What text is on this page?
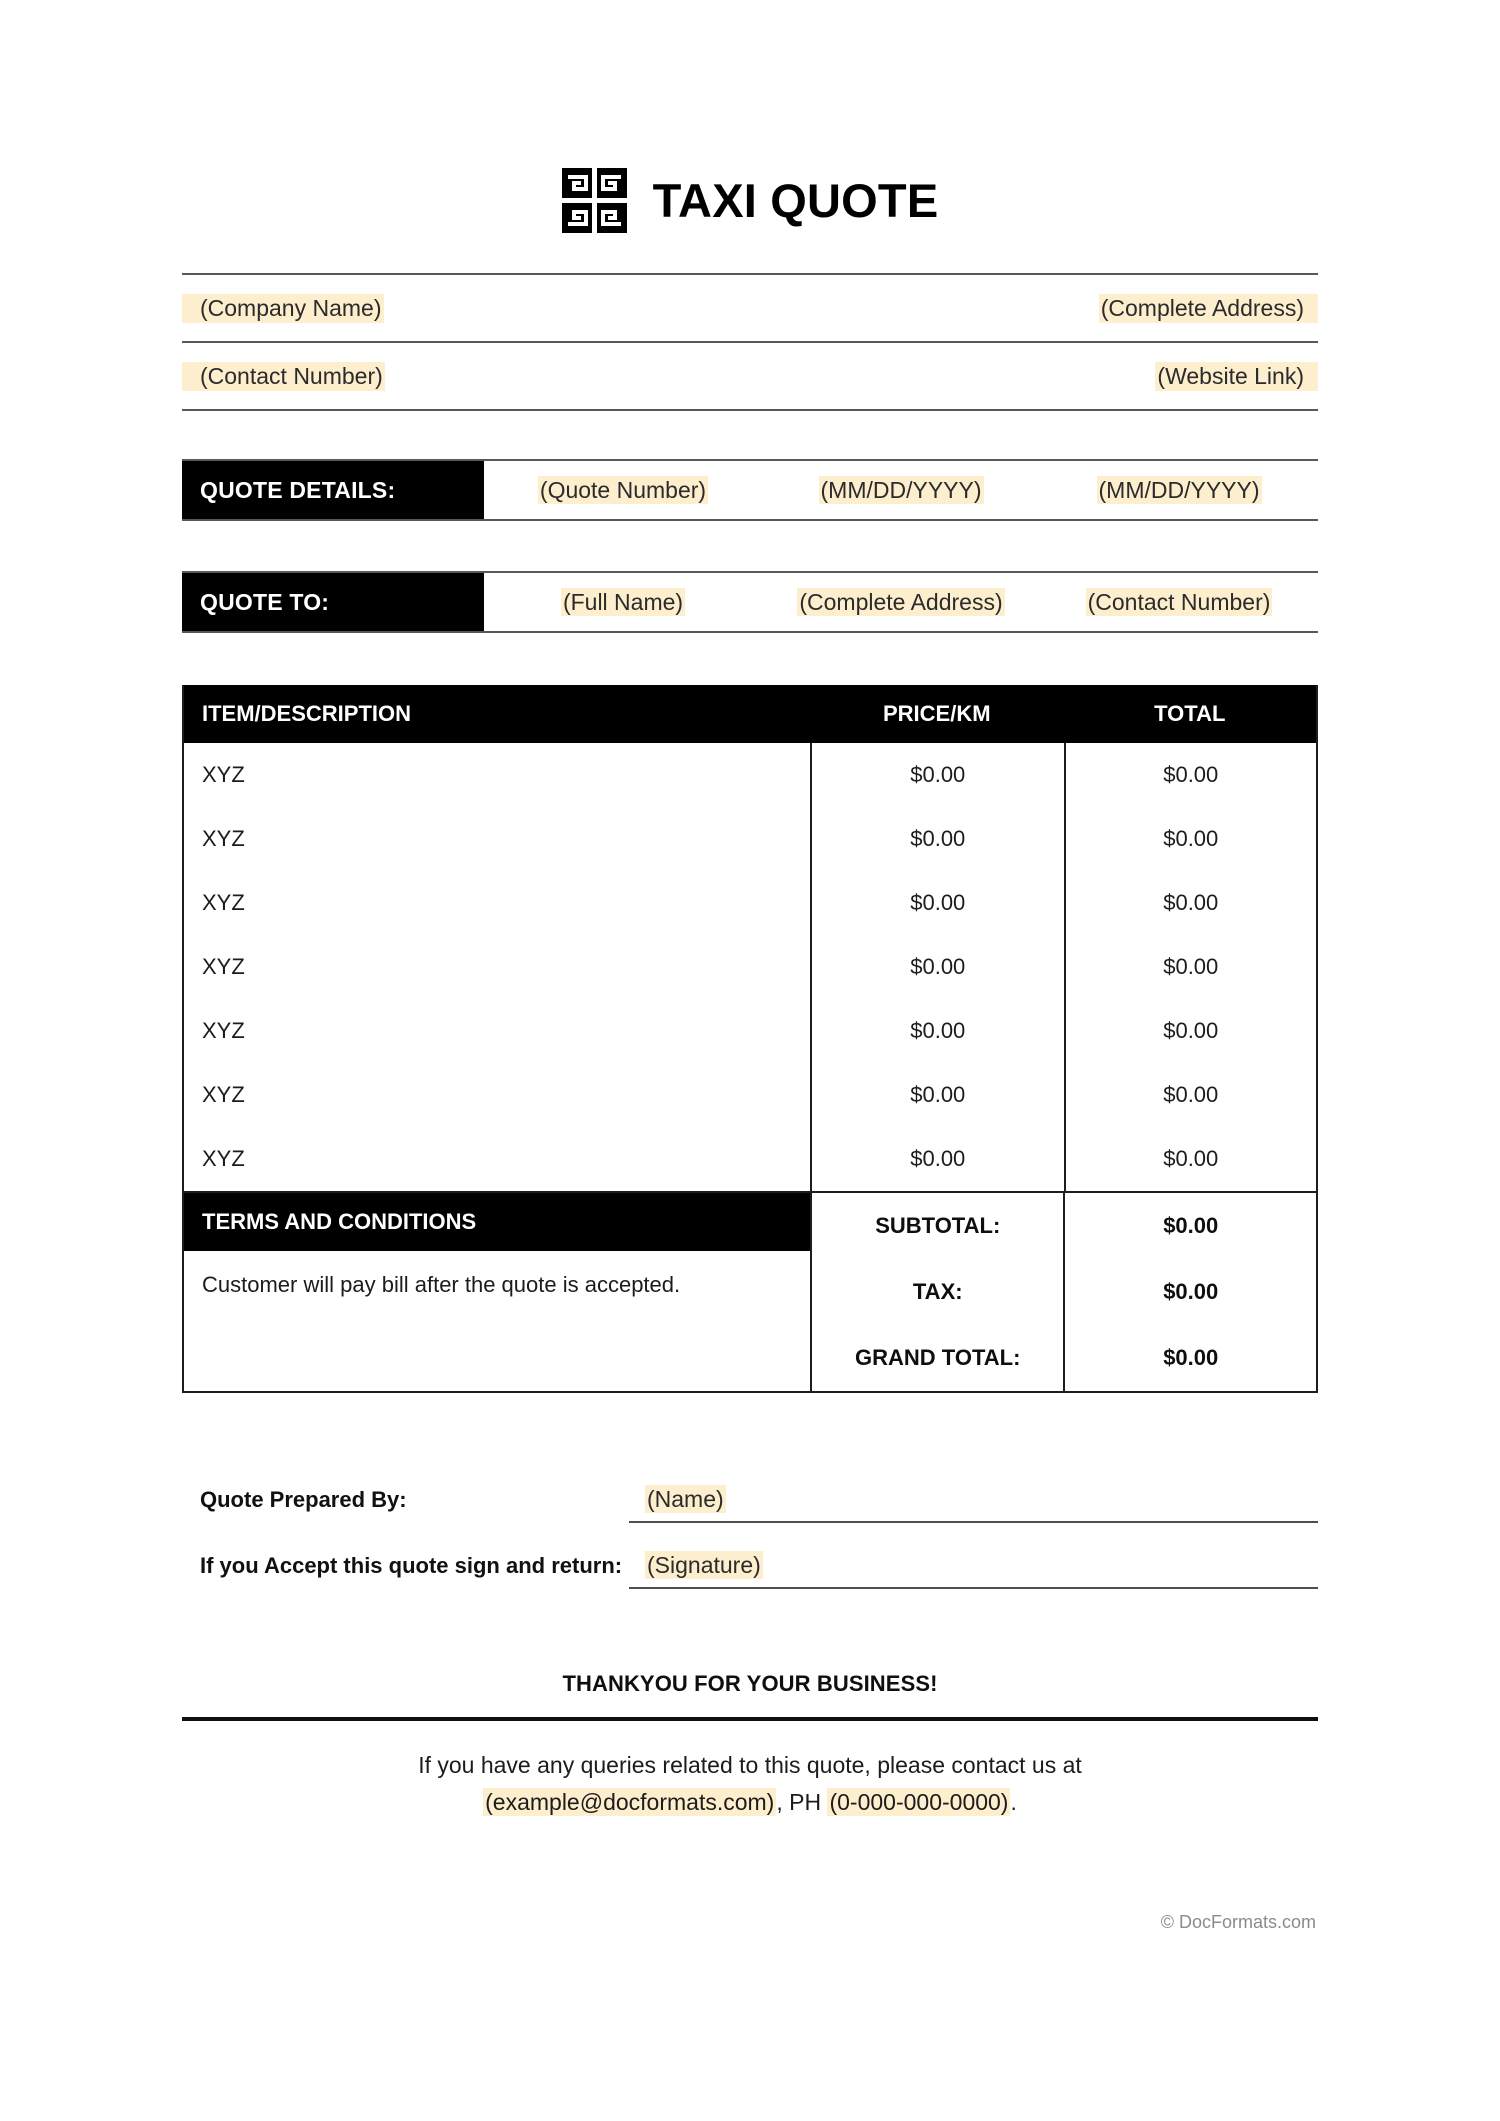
TAXI QUOTE
(Company Name)	(Complete Address)
(Contact Number)	(Website Link)
QUOTE DETAILS:	(Quote Number)	(MM/DD/YYYY)	(MM/DD/YYYY)
QUOTE TO:	(Full Name)	(Complete Address)	(Contact Number)
ITEM/DESCRIPTION	PRICE/KM	TOTAL
XYZ	$0.00	$0.00
XYZ	$0.00	$0.00
XYZ	$0.00	$0.00
XYZ	$0.00	$0.00
XYZ	$0.00	$0.00
XYZ	$0.00	$0.00
XYZ	$0.00	$0.00
TERMS AND CONDITIONS
Customer will pay bill after the quote is accepted.
SUBTOTAL:	$0.00
TAX:	$0.00
GRAND TOTAL:	$0.00
Quote Prepared By:	(Name)
If you Accept this quote sign and return:	(Signature)
THANKYOU FOR YOUR BUSINESS!
If you have any queries related to this quote, please contact us at
(example@docformats.com), PH (0-000-000-0000).
© DocFormats.com
